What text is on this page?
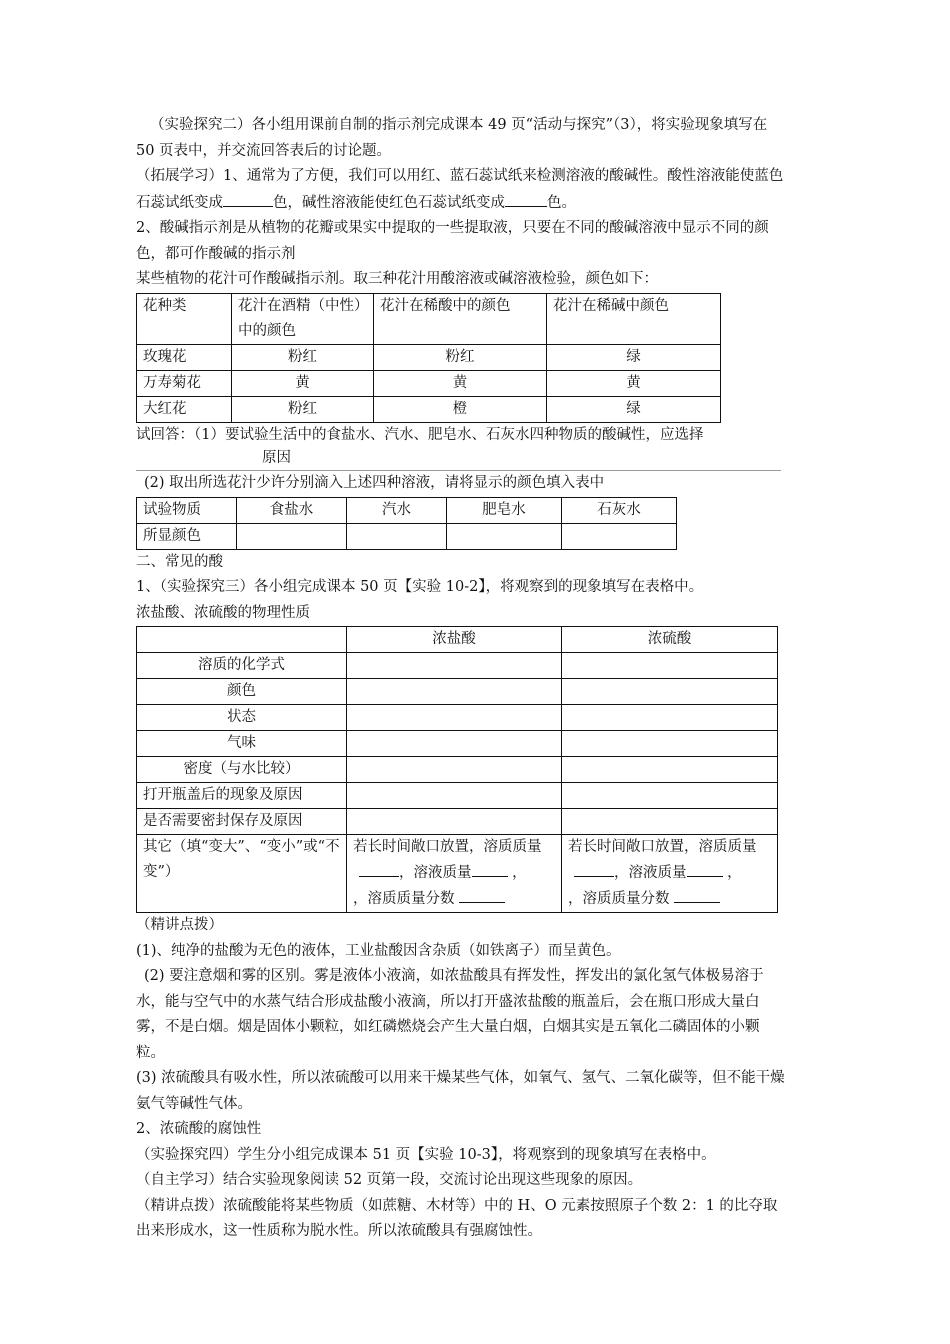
（实验探究二）各小组用课前自制的指示剂完成课本 49 页“活动与探究”（3），将实验现象填写在 50 页表中，并交流回答表后的讨论题。

（拓展学习）1、通常为了方便，我们可以用红、蓝石蕊试纸来检测溶液的酸碱性。酸性溶液能使蓝色石蕊试纸变成	色，碱性溶液能使红色石蕊试纸变成	色。

2、酸碱指示剂是从植物的花瓣或果实中提取的一些提取液，只要在不同的酸碱溶液中显示不同的颜色，都可作酸碱的指示剂

某些植物的花汁可作酸碱指示剂。取三种花汁用酸溶液或碱溶液检验，颜色如下：

花种类	花汁在酒精（中性）中的颜色	花汁在稀酸中的颜色	花汁在稀碱中颜色
玫瑰花	粉红	粉红	绿
万寿菊花	黄	黄	黄
大红花	粉红	橙	绿

试回答：（1）要试验生活中的食盐水、汽水、肥皂水、石灰水四种物质的酸碱性，应选择

原因

(2) 取出所选花汁少许分别滴入上述四种溶液，请将显示的颜色填入表中

试验物质	食盐水	汽水	肥皂水	石灰水
所显颜色				

二、常见的酸

1、（实验探究三）各小组完成课本 50 页【实验 10-2】，将观察到的现象填写在表格中。

浓盐酸、浓硫酸的物理性质

	浓盐酸	浓硫酸
溶质的化学式		
颜色		
状态		
气味		
密度（与水比较）		
打开瓶盖后的现象及原因		
是否需要密封保存及原因		
其它（填“变大”、“变小”或“不变”）	若长时间敞口放置，溶质质量，溶液质量 ，
，溶质质量分数	若长时间敞口放置，溶质质量，溶液质量 ，
，溶质质量分数

（精讲点拨）

(1)、纯净的盐酸为无色的液体，工业盐酸因含杂质（如铁离子）而呈黄色。

(2) 要注意烟和雾的区别。雾是液体小液滴，如浓盐酸具有挥发性，挥发出的氯化氢气体极易溶于水，能与空气中的水蒸气结合形成盐酸小液滴，所以打开盛浓盐酸的瓶盖后，会在瓶口形成大量白雾，不是白烟。烟是固体小颗粒，如红磷燃烧会产生大量白烟，白烟其实是五氧化二磷固体的小颗粒。

(3) 浓硫酸具有吸水性，所以浓硫酸可以用来干燥某些气体，如氧气、氢气、二氧化碳等，但不能干燥氨气等碱性气体。

2、浓硫酸的腐蚀性

（实验探究四）学生分小组完成课本 51 页【实验 10-3】，将观察到的现象填写在表格中。

（自主学习）结合实验现象阅读 52 页第一段，交流讨论出现这些现象的原因。

（精讲点拨）浓硫酸能将某些物质（如蔗糖、木材等）中的 H、O 元素按照原子个数 2：1 的比夺取出来形成水，这一性质称为脱水性。所以浓硫酸具有强腐蚀性。
